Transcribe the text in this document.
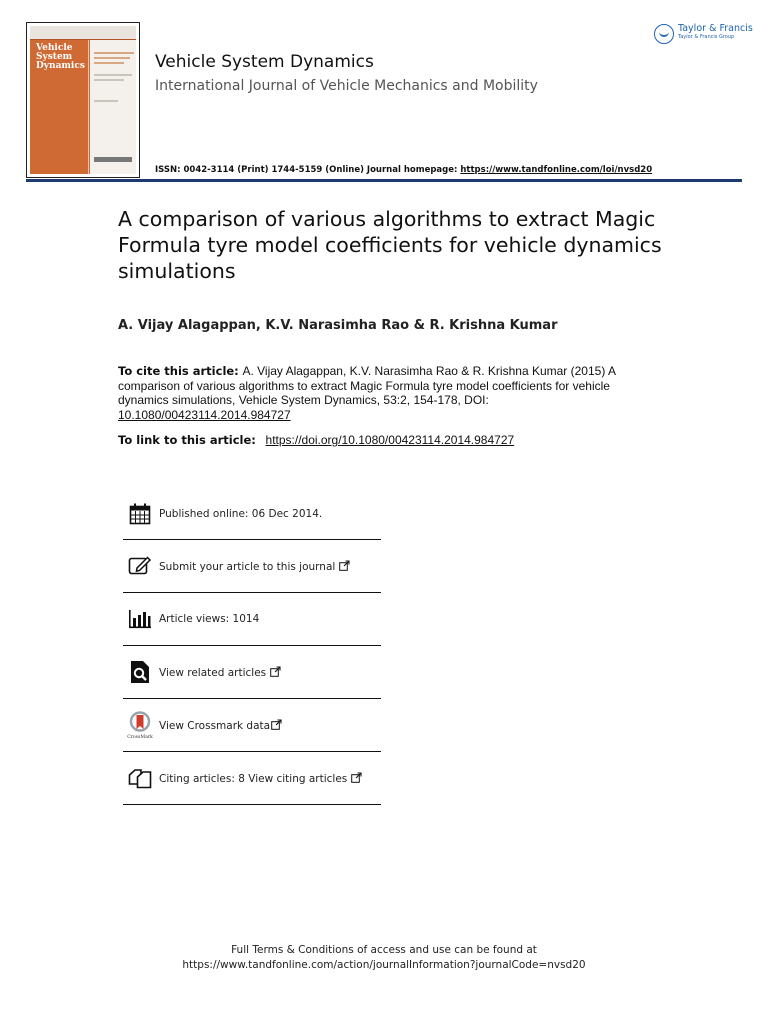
Vehicle System Dynamics	Vehicle System Dynamics
International Journal of Vehicle Mechanics and Mobility
ISSN: 0042-3114 (Print) 1744-5159 (Online) Journal homepage: https://www.tandfonline.com/loi/nvsd20
Taylor & Francis
Taylor & Francis Group
A comparison of various algorithms to extract Magic Formula tyre model coefficients for vehicle dynamics simulations
A. Vijay Alagappan, K.V. Narasimha Rao & R. Krishna Kumar
To cite this article: A. Vijay Alagappan, K.V. Narasimha Rao & R. Krishna Kumar (2015) A comparison of various algorithms to extract Magic Formula tyre model coefficients for vehicle dynamics simulations, Vehicle System Dynamics, 53:2, 154-178, DOI: 10.1080/00423114.2014.984727
To link to this article: https://doi.org/10.1080/00423114.2014.984727
Published online: 06 Dec 2014.
Submit your article to this journal
Article views: 1014
View related articles
CrossMark
View Crossmark data
Citing articles: 8 View citing articles
Full Terms & Conditions of access and use can be found at
https://www.tandfonline.com/action/journalInformation?journalCode=nvsd20
